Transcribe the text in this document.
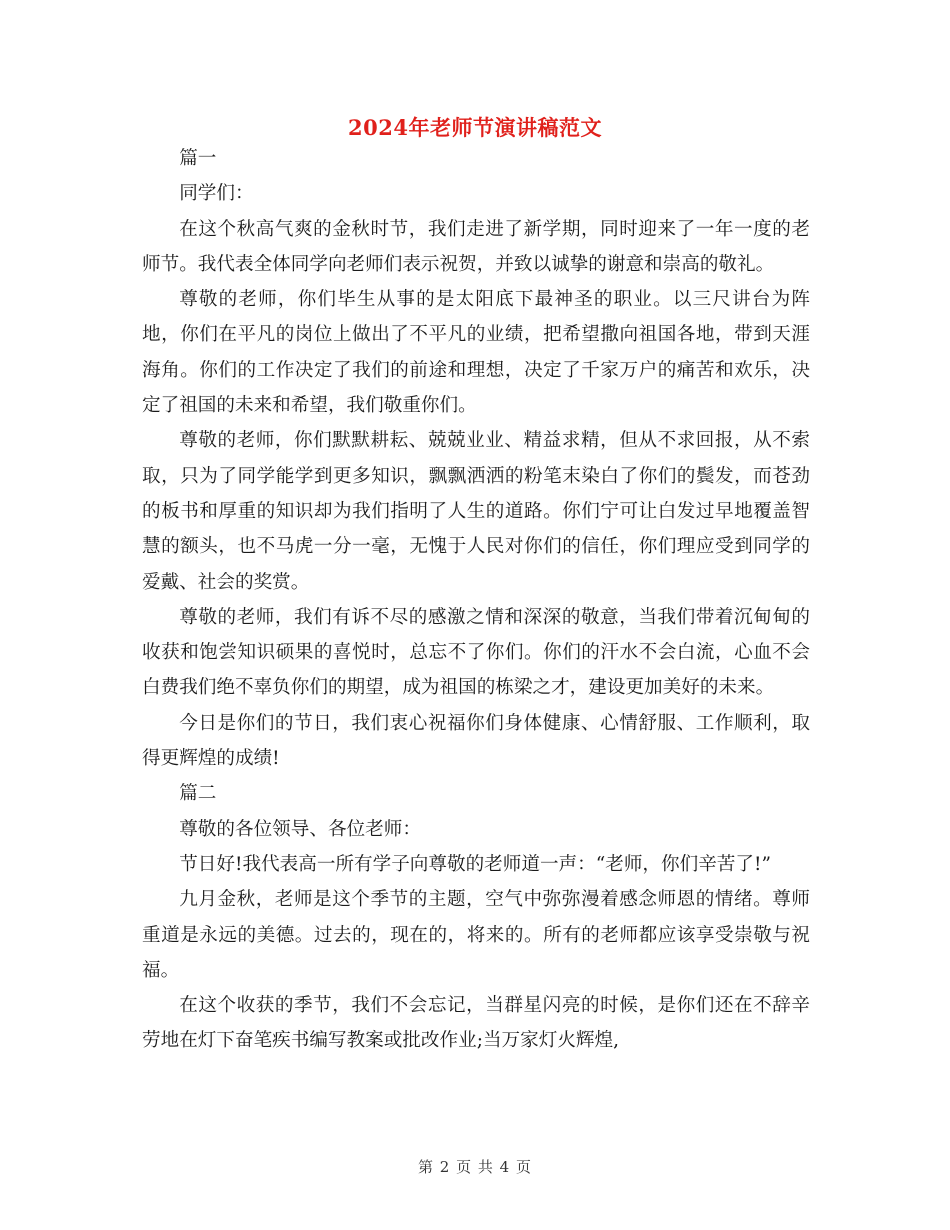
2024年老师节演讲稿范文

篇一

同学们：

在这个秋高气爽的金秋时节，我们走进了新学期，同时迎来了一年一度的老师节。我代表全体同学向老师们表示祝贺，并致以诚挚的谢意和崇高的敬礼。

尊敬的老师，你们毕生从事的是太阳底下最神圣的职业。以三尺讲台为阵地，你们在平凡的岗位上做出了不平凡的业绩，把希望撒向祖国各地，带到天涯海角。你们的工作决定了我们的前途和理想，决定了千家万户的痛苦和欢乐，决定了祖国的未来和希望，我们敬重你们。

尊敬的老师，你们默默耕耘、兢兢业业、精益求精，但从不求回报，从不索取，只为了同学能学到更多知识，飘飘洒洒的粉笔末染白了你们的鬓发，而苍劲的板书和厚重的知识却为我们指明了人生的道路。你们宁可让白发过早地覆盖智慧的额头，也不马虎一分一毫，无愧于人民对你们的信任，你们理应受到同学的爱戴、社会的奖赏。

尊敬的老师，我们有诉不尽的感激之情和深深的敬意，当我们带着沉甸甸的收获和饱尝知识硕果的喜悦时，总忘不了你们。你们的汗水不会白流，心血不会白费我们绝不辜负你们的期望，成为祖国的栋梁之才，建设更加美好的未来。

今日是你们的节日，我们衷心祝福你们身体健康、心情舒服、工作顺利，取得更辉煌的成绩!

篇二

尊敬的各位领导、各位老师：

节日好!我代表高一所有学子向尊敬的老师道一声：“老师，你们辛苦了!”

九月金秋，老师是这个季节的主题，空气中弥弥漫着感念师恩的情绪。尊师重道是永远的美德。过去的，现在的，将来的。所有的老师都应该享受崇敬与祝福。

在这个收获的季节，我们不会忘记，当群星闪亮的时候，是你们还在不辞辛劳地在灯下奋笔疾书编写教案或批改作业;当万家灯火辉煌,

第 2 页 共 4 页
